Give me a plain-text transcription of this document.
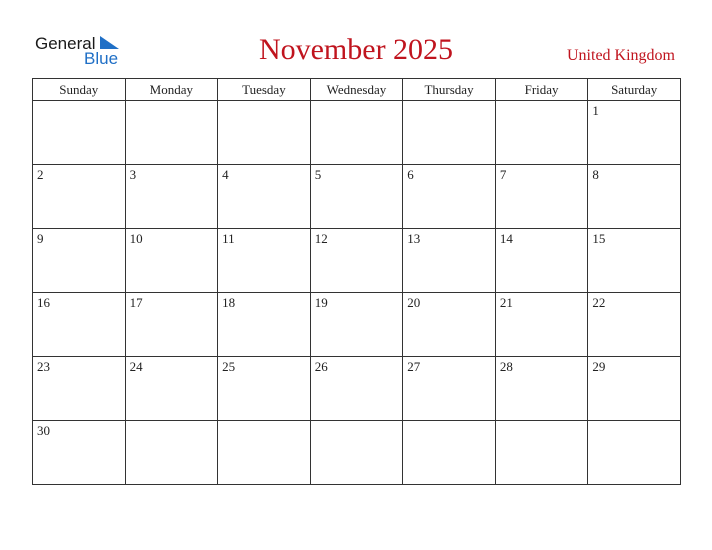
General
Blue	November 2025	United Kingdom
Sunday	Monday	Tuesday	Wednesday	Thursday	Friday	Saturday

						1

2	3	4	5	6	7	8

9	10	11	12	13	14	15

16	17	18	19	20	21	22

23	24	25	26	27	28	29

30						
